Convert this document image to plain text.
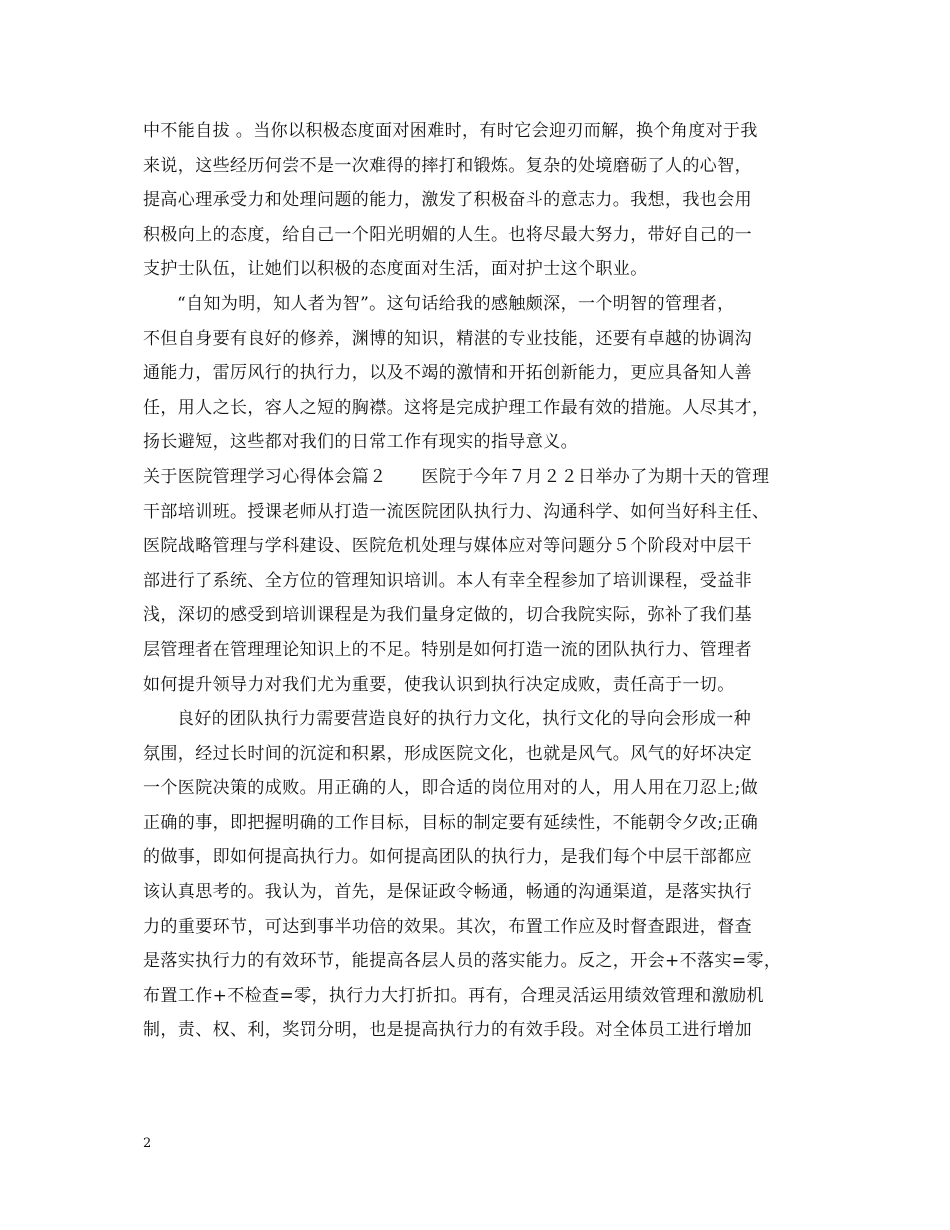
中不能自拔 。当你以积极态度面对困难时，有时它会迎刃而解，换个角度对于我
来说，这些经历何尝不是一次难得的摔打和锻炼。复杂的处境磨砺了人的心智，
提高心理承受力和处理问题的能力，激发了积极奋斗的意志力。我想，我也会用
积极向上的态度，给自己一个阳光明媚的人生。也将尽最大努力，带好自己的一
支护士队伍，让她们以积极的态度面对生活，面对护士这个职业。
“自知为明，知人者为智”。这句话给我的感触颇深，一个明智的管理者，
不但自身要有良好的修养，渊博的知识，精湛的专业技能，还要有卓越的协调沟
通能力，雷厉风行的执行力，以及不竭的激情和开拓创新能力，更应具备知人善
任，用人之长，容人之短的胸襟。这将是完成护理工作最有效的措施。人尽其才，
扬长避短，这些都对我们的日常工作有现实的指导意义。
关于医院管理学习心得体会篇２　　医院于今年７月２２日举办了为期十天的管理
干部培训班。授课老师从打造一流医院团队执行力、沟通科学、如何当好科主任、
医院战略管理与学科建设、医院危机处理与媒体应对等问题分５个阶段对中层干
部进行了系统、全方位的管理知识培训。本人有幸全程参加了培训课程，受益非
浅，深切的感受到培训课程是为我们量身定做的，切合我院实际，弥补了我们基
层管理者在管理理论知识上的不足。特别是如何打造一流的团队执行力、管理者
如何提升领导力对我们尤为重要，使我认识到执行决定成败，责任高于一切。
良好的团队执行力需要营造良好的执行力文化，执行文化的导向会形成一种
氛围，经过长时间的沉淀和积累，形成医院文化，也就是风气。风气的好坏决定
一个医院决策的成败。用正确的人，即合适的岗位用对的人，用人用在刀忍上;做
正确的事，即把握明确的工作目标，目标的制定要有延续性，不能朝令夕改;正确
的做事，即如何提高执行力。如何提高团队的执行力，是我们每个中层干部都应
该认真思考的。我认为，首先，是保证政令畅通，畅通的沟通渠道，是落实执行
力的重要环节，可达到事半功倍的效果。其次，布置工作应及时督查跟进，督查
是落实执行力的有效环节，能提高各层人员的落实能力。反之，开会+不落实=零，
布置工作+不检查=零，执行力大打折扣。再有，合理灵活运用绩效管理和激励机
制，责、权、利，奖罚分明，也是提高执行力的有效手段。对全体员工进行增加
2
